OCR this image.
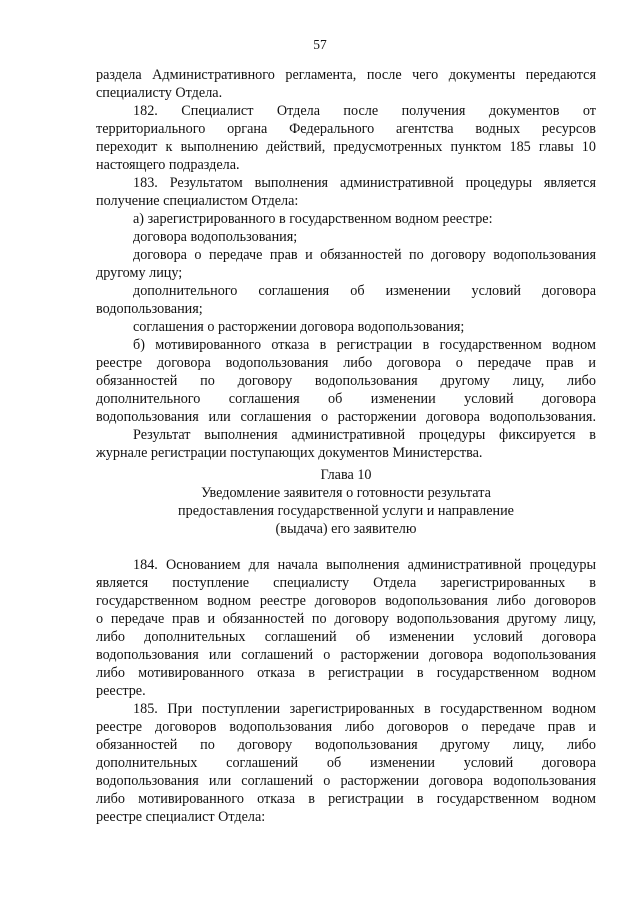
57
раздела Административного регламента, после чего документы передаются
специалисту Отдела.
182. Специалист Отдела после получения документов от
территориального органа Федерального агентства водных ресурсов
переходит к выполнению действий, предусмотренных пунктом 185 главы 10
настоящего подраздела.
183. Результатом выполнения административной процедуры является
получение специалистом Отдела:
а) зарегистрированного в государственном водном реестре:
договора водопользования;
договора о передаче прав и обязанностей по договору водопользования
другому лицу;
дополнительного соглашения об изменении условий договора
водопользования;
соглашения о расторжении договора водопользования;
б) мотивированного отказа в регистрации в государственном водном
реестре договора водопользования либо договора о передаче прав и
обязанностей по договору водопользования другому лицу, либо
дополнительного соглашения об изменении условий договора
водопользования или соглашения о расторжении договора водопользования.
Результат выполнения административной процедуры фиксируется в
журнале регистрации поступающих документов Министерства.
Глава 10
Уведомление заявителя о готовности результата
предоставления государственной услуги и направление
(выдача) его заявителю
184. Основанием для начала выполнения административной процедуры
является поступление специалисту Отдела зарегистрированных в
государственном водном реестре договоров водопользования либо договоров
о передаче прав и обязанностей по договору водопользования другому лицу,
либо дополнительных соглашений об изменении условий договора
водопользования или соглашений о расторжении договора водопользования
либо мотивированного отказа в регистрации в государственном водном
реестре.
185. При поступлении зарегистрированных в государственном водном
реестре договоров водопользования либо договоров о передаче прав и
обязанностей по договору водопользования другому лицу, либо
дополнительных соглашений об изменении условий договора
водопользования или соглашений о расторжении договора водопользования
либо мотивированного отказа в регистрации в государственном водном
реестре специалист Отдела:
